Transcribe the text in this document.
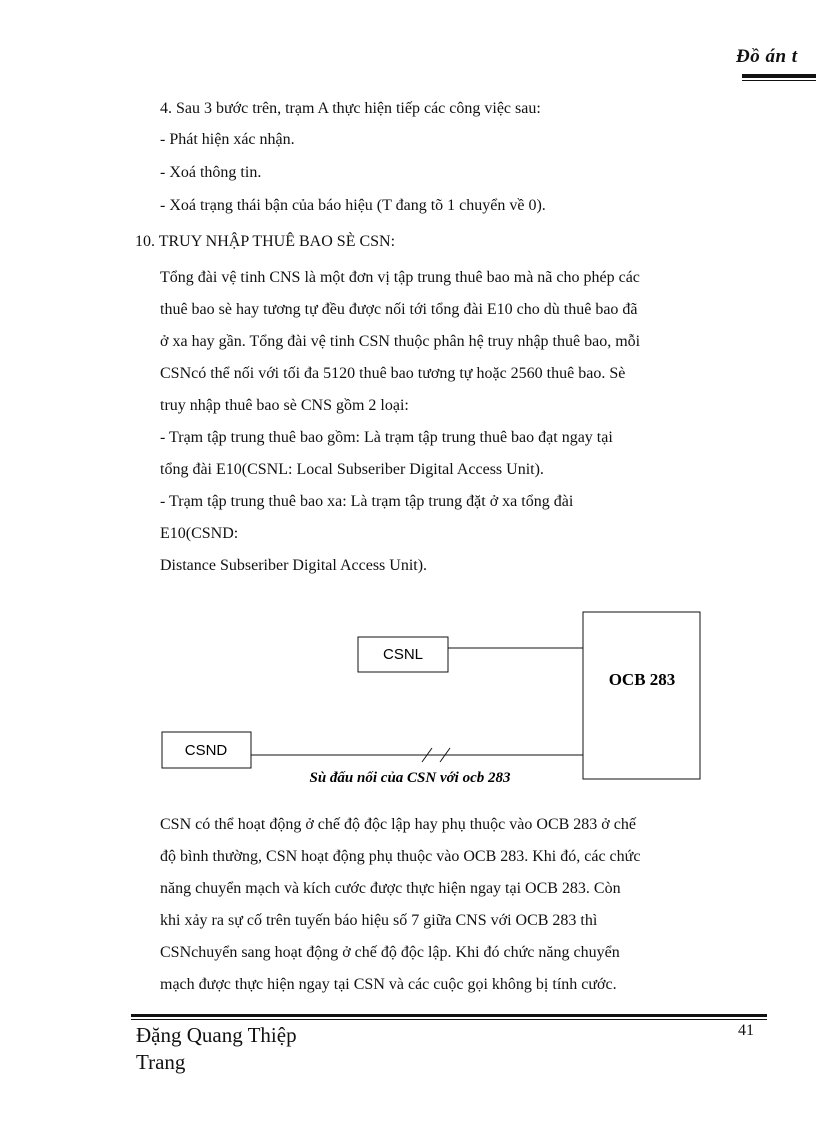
Đồ án t
4. Sau 3 bước trên, trạm A thực hiện tiếp các công việc sau:
- Phát hiện xác nhận.
- Xoá thông tin.
- Xoá trạng thái bận của báo hiệu (T đang tõ 1 chuyển về 0).
10. TRUY NHẬP THUÊ BAO SÈ CSN:
Tổng đài vệ tinh CNS là một đơn vị tập trung thuê bao mà nã cho phép các
thuê bao sè hay tương tự đều được nối tới tổng đài E10 cho dù thuê bao đã
ở xa hay gần. Tổng đài vệ tinh CSN thuộc phân hệ truy nhập thuê bao, mỗi
CSNcó thể nối với tối đa 5120 thuê bao tương tự hoặc 2560 thuê bao. Sè
truy nhập thuê bao sè CNS gồm 2 loại:
- Trạm tập trung thuê bao gồm: Là trạm tập trung thuê bao đạt ngay tại
tổng đài E10(CSNL: Local Subseriber Digital Access Unit).
- Trạm tập trung thuê bao xa: Là trạm tập trung đặt ở xa tổng đài
E10(CSND:
Distance Subseriber Digital Access Unit).
CSNL
OCB 283
CSND
Sù đấu nối của CSN với ocb 283
CSN có thể hoạt động ở chế độ độc lập hay phụ thuộc vào OCB 283 ở chế
độ bình thường, CSN hoạt động phụ thuộc vào OCB 283. Khi đó, các chức
năng chuyển mạch và kích cước được thực hiện ngay tại OCB 283. Còn
khi xảy ra sự cố trên tuyến báo hiệu số 7 giữa CNS với OCB 283 thì
CSNchuyển sang hoạt động ở chế độ độc lập. Khi đó chức năng chuyển
mạch được thực hiện ngay tại CSN và các cuộc gọi không bị tính cước.
Đặng Quang Thiệp
Trang
41
